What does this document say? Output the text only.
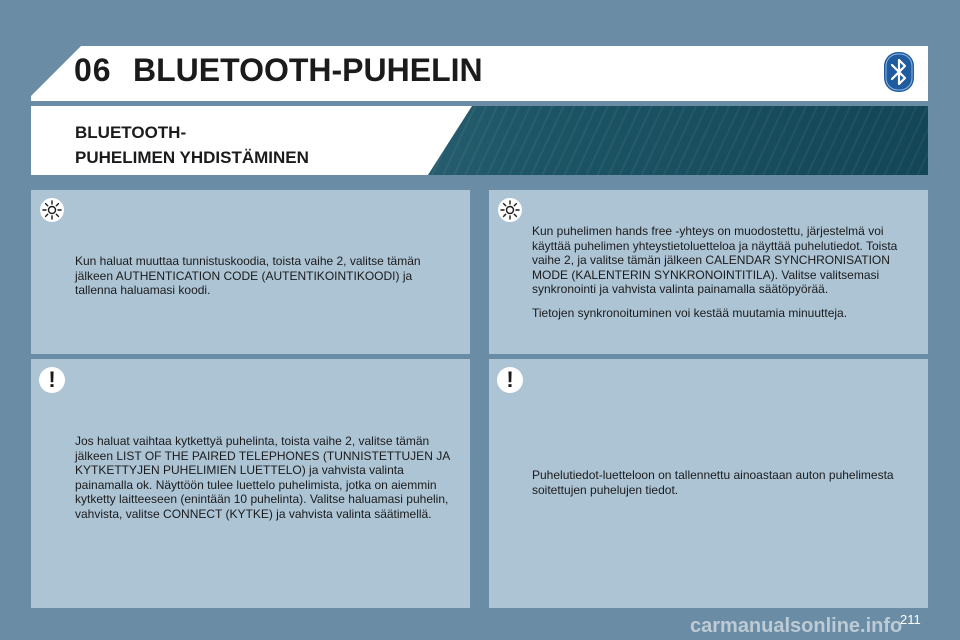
06 BLUETOOTH-PUHELIN
BLUETOOTH-
PUHELIMEN YHDISTÄMINEN
Kun haluat muuttaa tunnistuskoodia, toista vaihe 2, valitse tämän jälkeen AUTHENTICATION CODE (AUTENTIKOINTIKOODI) ja tallenna haluamasi koodi.

Kun puhelimen hands free -yhteys on muodostettu, järjestelmä voi käyttää puhelimen yhteystietoluetteloa ja näyttää puhelutiedot. Toista vaihe 2, ja valitse tämän jälkeen CALENDAR SYNCHRONISATION MODE (KALENTERIN SYNKRONOINTITILA). Valitse valitsemasi synkronointi ja vahvista valinta painamalla säätöpyörää.

Tietojen synkronoituminen voi kestää muutamia minuutteja.

!
Jos haluat vaihtaa kytkettyä puhelinta, toista vaihe 2, valitse tämän jälkeen LIST OF THE PAIRED TELEPHONES (TUNNISTETTUJEN JA KYTKETTYJEN PUHELIMIEN LUETTELO) ja vahvista valinta painamalla ok. Näyttöön tulee luettelo puhelimista, jotka on aiemmin kytketty laitteeseen (enintään 10 puhelinta). Valitse haluamasi puhelin, vahvista, valitse CONNECT (KYTKE) ja vahvista valinta säätimellä.
!
Puhelutiedot-luetteloon on tallennettu ainoastaan auton puhelimesta soitettujen puhelujen tiedot.
carmanualsonline.info
211
